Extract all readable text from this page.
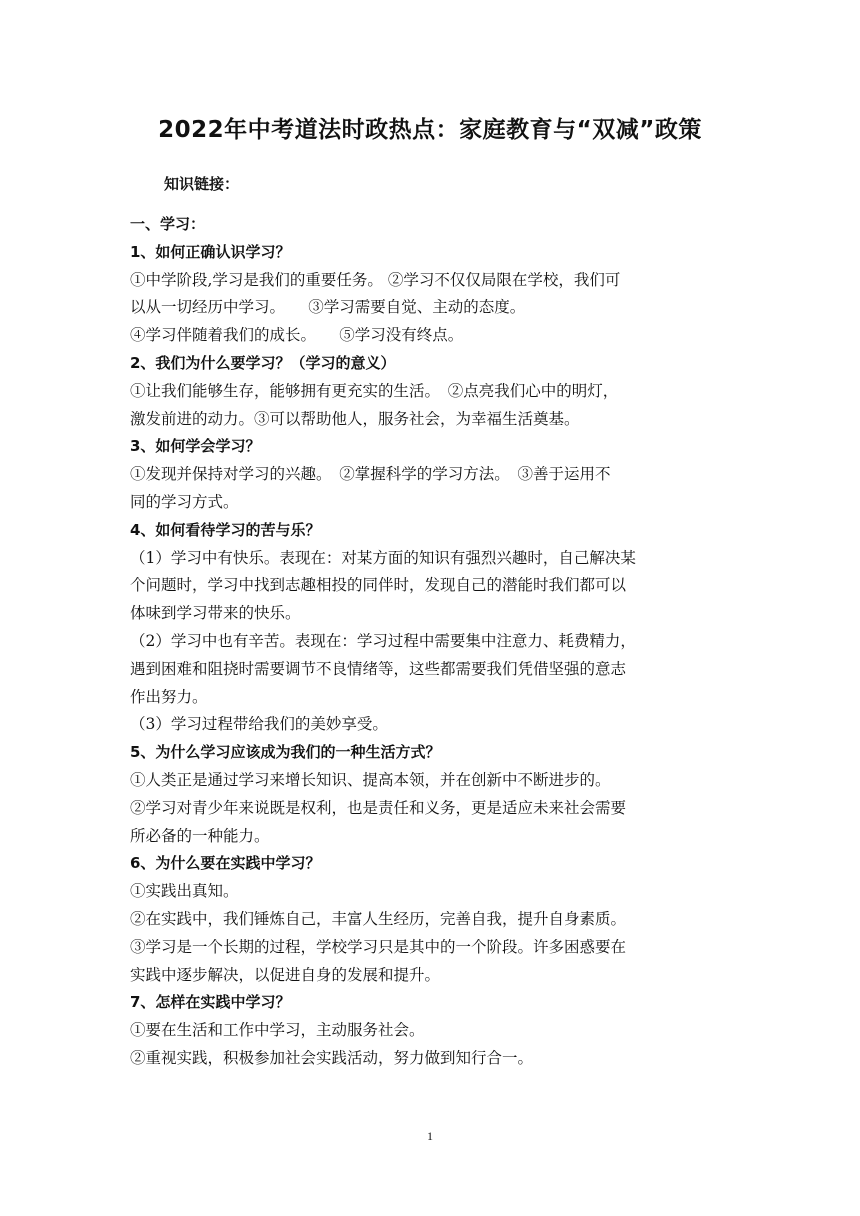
2022年中考道法时政热点：家庭教育与“双减”政策
知识链接：
一、学习：
1、如何正确认识学习？
①中学阶段,学习是我们的重要任务。 ②学习不仅仅局限在学校，我们可
以从一切经历中学习。　　③学习需要自觉、主动的态度。
④学习伴随着我们的成长。　　⑤学习没有终点。
2、我们为什么要学习？（学习的意义）
①让我们能够生存，能够拥有更充实的生活。　②点亮我们心中的明灯，
激发前进的动力。③可以帮助他人，服务社会，为幸福生活奠基。
3、如何学会学习？
①发现并保持对学习的兴趣。　②掌握科学的学习方法。　③善于运用不
同的学习方式。
4、如何看待学习的苦与乐？
（1）学习中有快乐。表现在：对某方面的知识有强烈兴趣时，自己解决某
个问题时，学习中找到志趣相投的同伴时，发现自己的潜能时我们都可以
体味到学习带来的快乐。
（2）学习中也有辛苦。表现在：学习过程中需要集中注意力、耗费精力，
遇到困难和阻挠时需要调节不良情绪等，这些都需要我们凭借坚强的意志
作出努力。
（3）学习过程带给我们的美妙享受。
5、为什么学习应该成为我们的一种生活方式？
①人类正是通过学习来增长知识、提高本领，并在创新中不断进步的。
②学习对青少年来说既是权利，也是责任和义务，更是适应未来社会需要
所必备的一种能力。
6、为什么要在实践中学习？
①实践出真知。
②在实践中，我们锤炼自己，丰富人生经历，完善自我，提升自身素质。
③学习是一个长期的过程，学校学习只是其中的一个阶段。许多困惑要在
实践中逐步解决，以促进自身的发展和提升。
7、怎样在实践中学习？
①要在生活和工作中学习，主动服务社会。
②重视实践，积极参加社会实践活动，努力做到知行合一。
1
